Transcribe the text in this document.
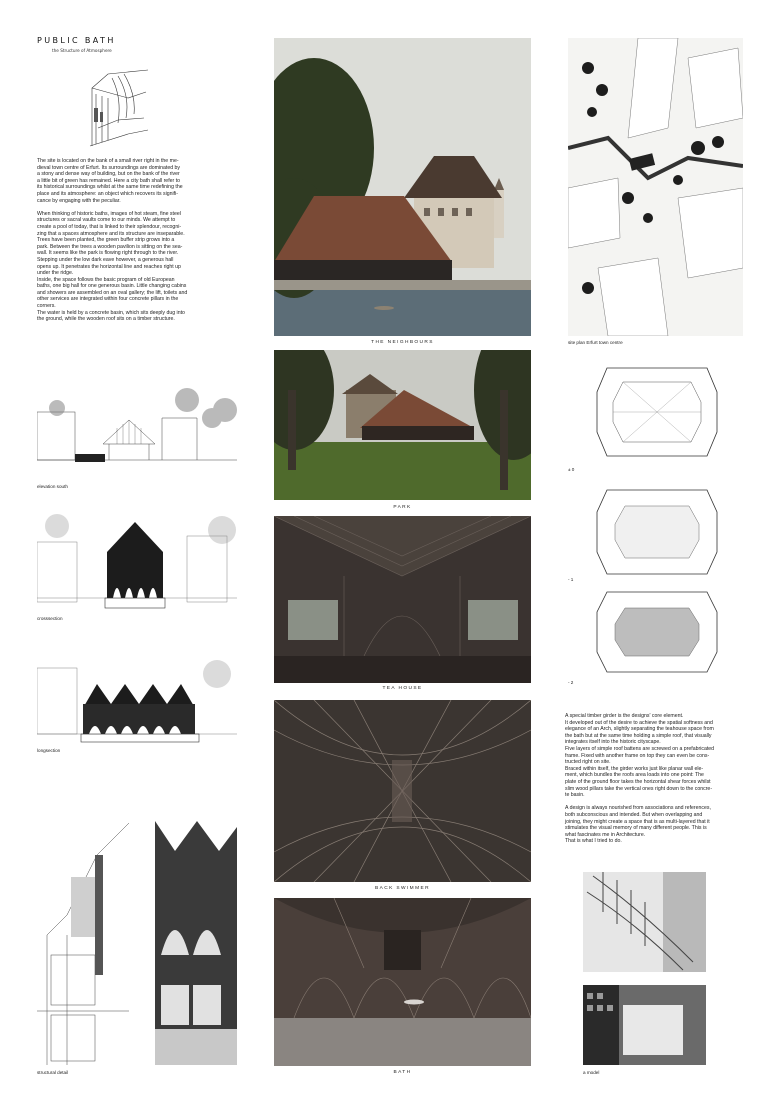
PUBLIC BATH
the Structure of Atmosphere

The site is located on the bank of a small river right in the me-
dieval town centre of Erfurt. Its surroundings are dominated by
a stony and dense way of building, but on the bank of the river
a little bit of green has remained. Here a city bath shall refer to
its historical surroundings whilst at the same time redefining the
place and its atmosphere: an object which recovers its signifi-
cance by engaging with the peculiar.

When thinking of historic baths, images of hot steam, fine steel
structures or sacral vaults come to our minds. We attempt to
create a pool of today, that is linked to their splendour, recogni-
zing that a spaces atmosphere and its structure are inseparable.
Trees have been planted, the green buffer strip grows into a
park. Between the trees a wooden pavilion is sitting on the sea-
wall. It seems like the park is flowing right through to the river.
Stepping under the low dark eave however, a generous hall
opens up. It penetrates the horizontal line and reaches right up
under the ridge.
Inside, the space follows the basic program of old European
baths, one big hall for one generous basin. Little changing cabins
and showers are assembled on an oval gallery; the lift, toilets and
other services are integrated within four concrete pillars in the
corners.
The water is held by a concrete basin, which sits deeply dug into
the ground, while the wooden roof sits on a timber structure.

elevation south
crosssection
longsection
structural detail
THE NEIGHBOURS
PARK
TEA HOUSE
BACK SWIMMER
BATH
site plan Erfurt town centre
± 0
- 1
- 2

A special timber girder is the designs' core element.
It developed out of the desire to achieve the spatial softness and
elegance of an Arch, slightly separating the teahouse space from
the bath but at the same time holding a simple roof, that visually
integrates itself into the historic cityscape.
Five layers of simple roof battens are screwed on a prefabricated
frame. Fixed with another frame on top they can even be cons-
tructed right on site.
Braced within itself, the girder works just like planar wall ele-
ment, which bundles the roofs area loads into one point: The
plate of the ground floor takes the horizontal shear forces whilst
slim wood pillars take the vertical ones right down to the concre-
te basin.

A design is always nourished from associations and references,
both subconscious and intended. But when overlapping and
joining, they might create a space that is as multi-layered that it
stimulates the visual memory of many different people. This is
what fascinates me in Architecture.
That is what I tried to do.

a model
